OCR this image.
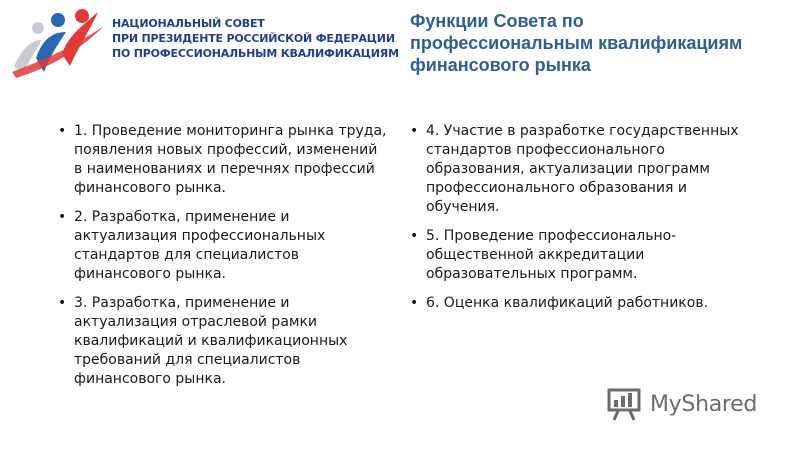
НАЦИОНАЛЬНЫЙ СОВЕТ
ПРИ ПРЕЗИДЕНТЕ РОССИЙСКОЙ ФЕДЕРАЦИИ
ПО ПРОФЕССИОНАЛЬНЫМ КВАЛИФИКАЦИЯМ
Функции Совета по профессиональным квалификациям финансового рынка
• 1. Проведение мониторинга рынка труда, появления новых профессий, изменений в наименованиях и перечнях профессий финансового рынка.
• 2. Разработка, применение и актуализация профессиональных стандартов для специалистов финансового рынка.
• 3. Разработка, применение и актуализация отраслевой рамки квалификаций и квалификационных требований для специалистов финансового рынка.
• 4. Участие в разработке государственных стандартов профессионального образования, актуализации программ профессионального образования и обучения.
• 5. Проведение профессионально-общественной аккредитации образовательных программ.
• 6. Оценка квалификаций работников.
MyShared
